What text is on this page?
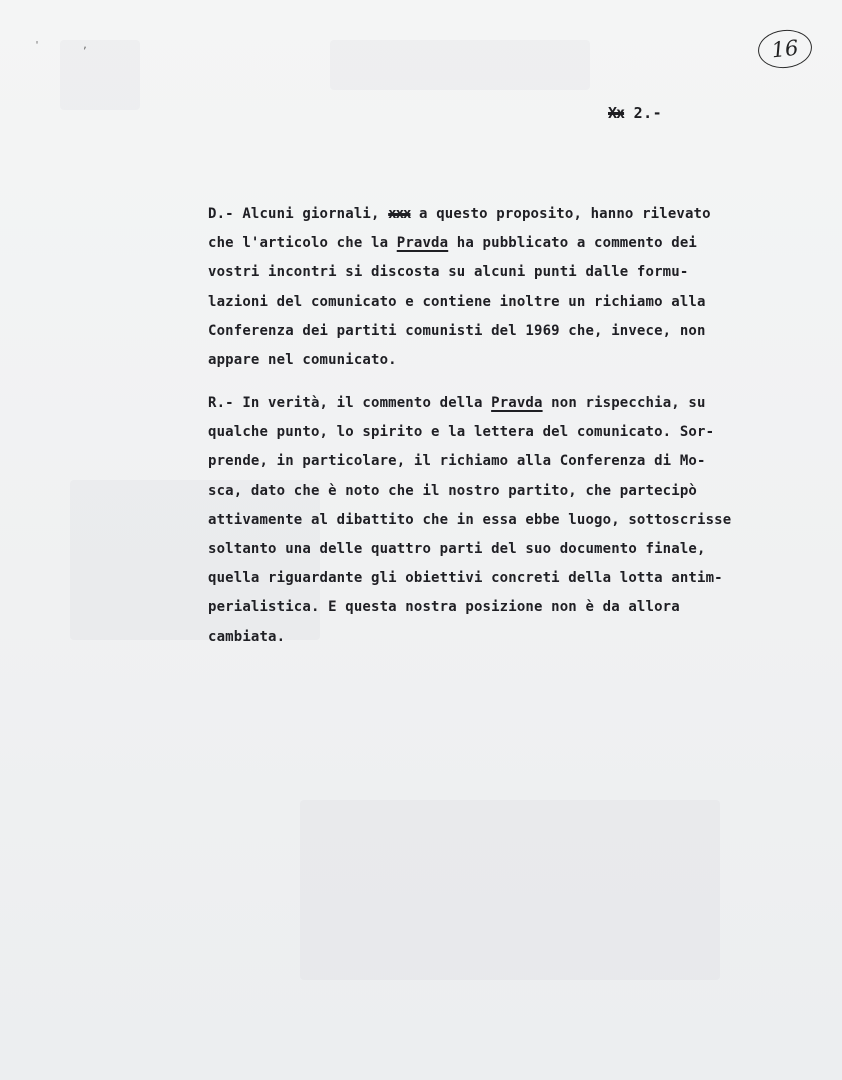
' ,	16
Xx 2.-
D.- Alcuni giornali, xxx a questo proposito, hanno rilevato
che l'articolo che la Pravda ha pubblicato a commento dei
vostri incontri si discosta su alcuni punti dalle formu-
lazioni del comunicato e contiene inoltre un richiamo alla
Conferenza dei partiti comunisti del 1969 che, invece, non
appare nel comunicato.
R.- In verità, il commento della Pravda non rispecchia, su
qualche punto, lo spirito e la lettera del comunicato. Sor-
prende, in particolare, il richiamo alla Conferenza di Mo-
sca, dato che è noto che il nostro partito, che partecipò
attivamente al dibattito che in essa ebbe luogo, sottoscrisse
soltanto una delle quattro parti del suo documento finale,
quella riguardante gli obiettivi concreti della lotta antim-
perialistica. E questa nostra posizione non è da allora
cambiata.
